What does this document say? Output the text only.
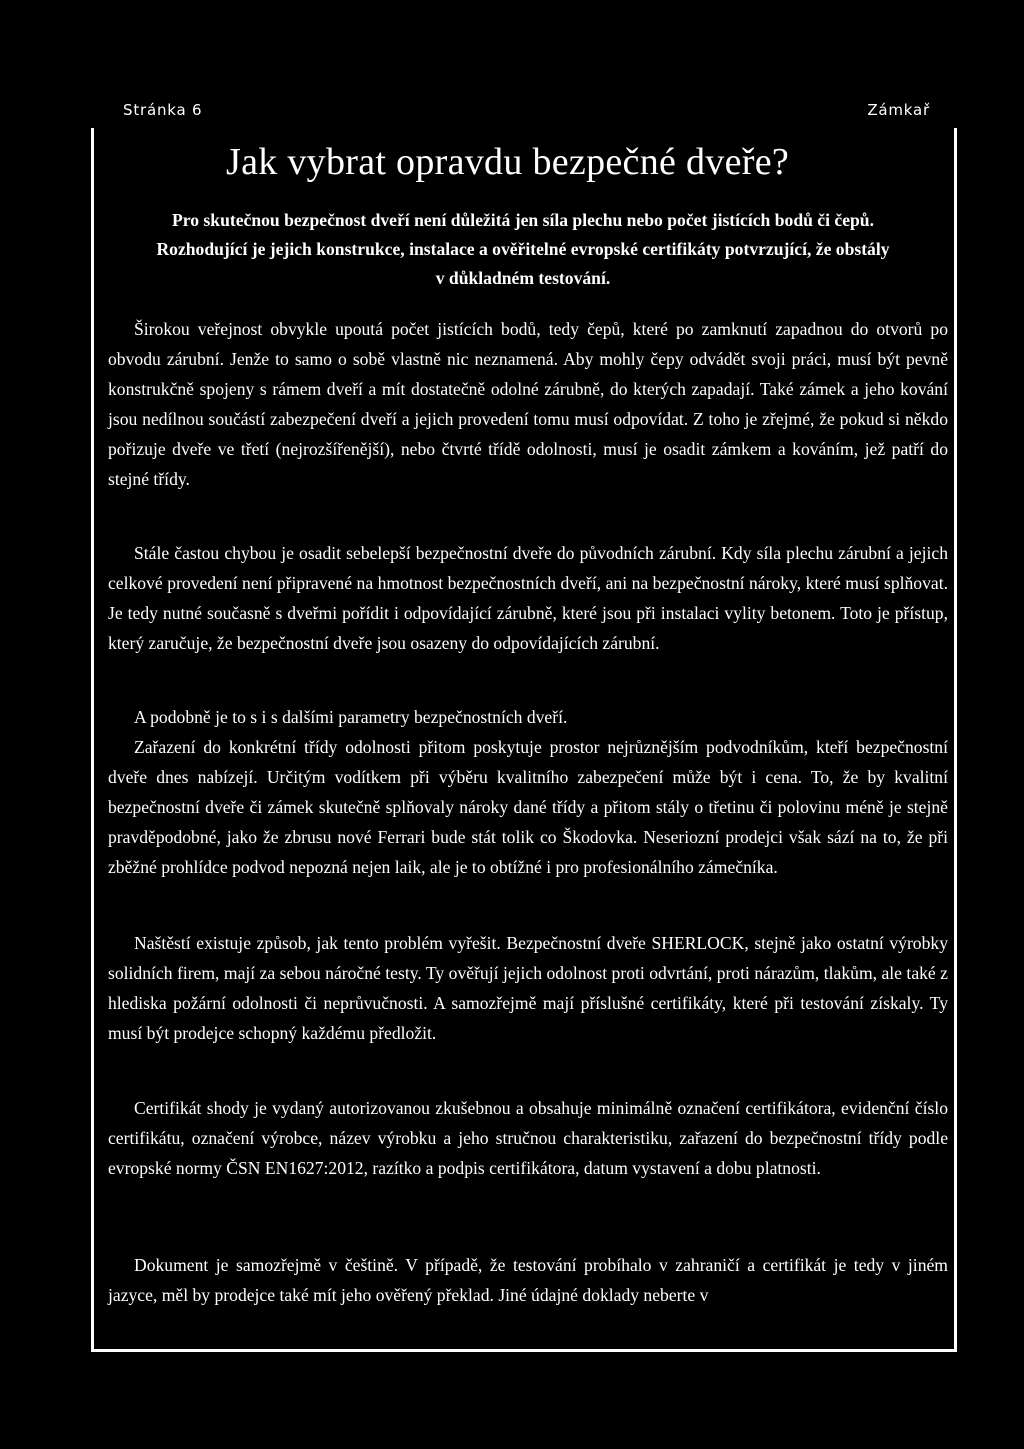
Stránka 6	Zámkař
Jak vybrat opravdu bezpečné dveře?

Pro skutečnou bezpečnost dveří není důležitá jen síla plechu nebo počet jistících bodů či čepů. Rozhodující je jejich konstrukce, instalace a ověřitelné evropské certifikáty potvrzující, že obstály v důkladném testování.

Širokou veřejnost obvykle upoutá počet jistících bodů, tedy čepů, které po zamknutí zapadnou do otvorů po obvodu zárubní. Jenže to samo o sobě vlastně nic neznamená. Aby mohly čepy odvádět svoji práci, musí být pevně konstrukčně spojeny s rámem dveří a mít dostatečně odolné zárubně, do kterých zapadají. Také zámek a jeho kování jsou nedílnou součástí zabezpečení dveří a jejich provedení tomu musí odpovídat. Z toho je zřejmé, že pokud si někdo pořizuje dveře ve třetí (nejrozšířenější), nebo čtvrté třídě odolnosti, musí je osadit zámkem a kováním, jež patří do stejné třídy.

Stále častou chybou je osadit sebelepší bezpečnostní dveře do původních zárubní. Kdy síla plechu zárubní a jejich celkové provedení není připravené na hmotnost bezpečnostních dveří, ani na bezpečnostní nároky, které musí splňovat. Je tedy nutné současně s dveřmi pořídit i odpovídající zárubně, které jsou při instalaci vylity betonem. Toto je přístup, který zaručuje, že bezpečnostní dveře jsou osazeny do odpovídajících zárubní.

A podobně je to s i s dalšími parametry bezpečnostních dveří.
Zařazení do konkrétní třídy odolnosti přitom poskytuje prostor nejrůznějším podvodníkům, kteří bezpečnostní dveře dnes nabízejí. Určitým vodítkem při výběru kvalitního zabezpečení může být i cena. To, že by kvalitní bezpečnostní dveře či zámek skutečně splňovaly nároky dané třídy a přitom stály o třetinu či polovinu méně je stejně pravděpodobné, jako že zbrusu nové Ferrari bude stát tolik co Škodovka. Neseriozní prodejci však sází na to, že při zběžné prohlídce podvod nepozná nejen laik, ale je to obtížné i pro profesionálního zámečníka.

Naštěstí existuje způsob, jak tento problém vyřešit. Bezpečnostní dveře SHERLOCK, stejně jako ostatní výrobky solidních firem, mají za sebou náročné testy. Ty ověřují jejich odolnost proti odvrtání, proti nárazům, tlakům, ale také z hlediska požární odolnosti či neprůvučnosti. A samozřejmě mají příslušné certifikáty, které při testování získaly. Ty musí být prodejce schopný každému předložit.

Certifikát shody je vydaný autorizovanou zkušebnou a obsahuje minimálně označení certifikátora, evidenční číslo certifikátu, označení výrobce, název výrobku a jeho stručnou charakteristiku, zařazení do bezpečnostní třídy podle evropské normy ČSN EN1627:2012, razítko a podpis certifikátora, datum vystavení a dobu platnosti.

Dokument je samozřejmě v češtině. V případě, že testování probíhalo v zahraničí a certifikát je tedy v jiném jazyce, měl by prodejce také mít jeho ověřený překlad. Jiné údajné doklady neberte v
